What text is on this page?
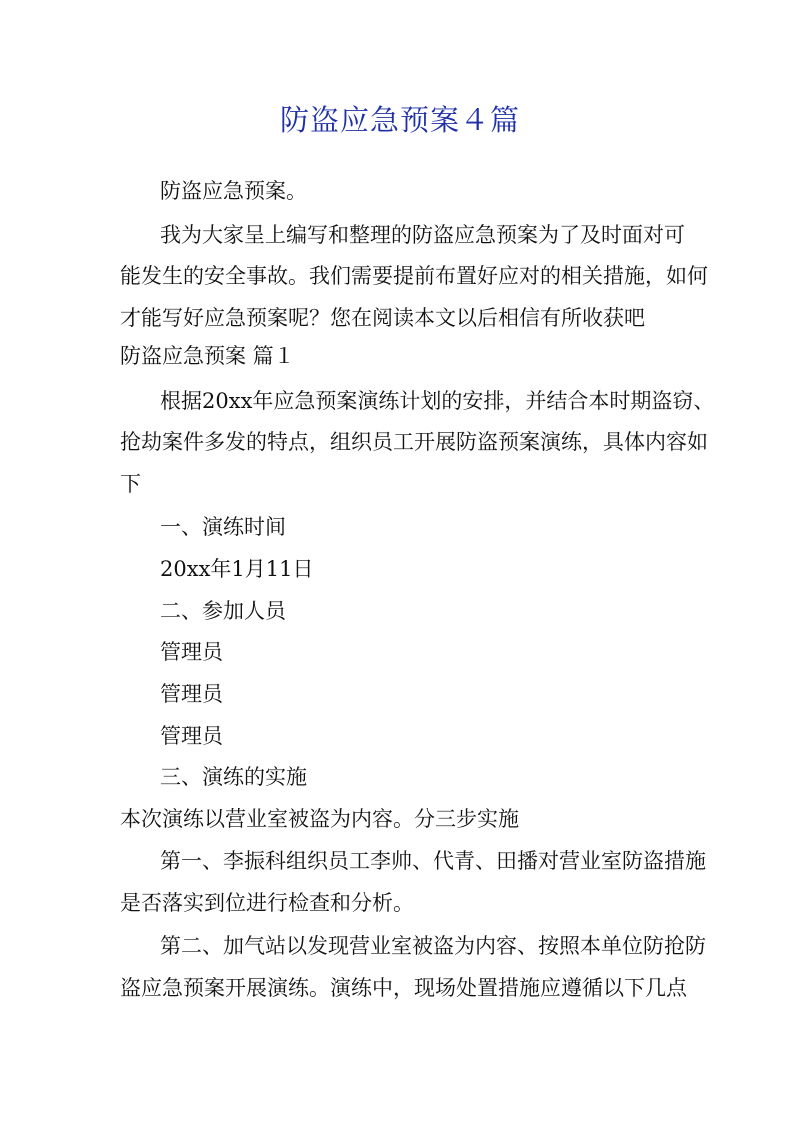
防盗应急预案４篇
防盗应急预案。
我为大家呈上编写和整理的防盗应急预案为了及时面对可
能发生的安全事故。我们需要提前布置好应对的相关措施，如何
才能写好应急预案呢？您在阅读本文以后相信有所收获吧
防盗应急预案 篇１
根据20xx年应急预案演练计划的安排，并结合本时期盗窃、
抢劫案件多发的特点，组织员工开展防盗预案演练，具体内容如
下
一、演练时间
20xx年1月11日
二、参加人员
管理员
管理员
管理员
三、演练的实施
本次演练以营业室被盗为内容。分三步实施
第一、李振科组织员工李帅、代青、田播对营业室防盗措施
是否落实到位进行检查和分析。
第二、加气站以发现营业室被盗为内容、按照本单位防抢防
盗应急预案开展演练。演练中，现场处置措施应遵循以下几点
